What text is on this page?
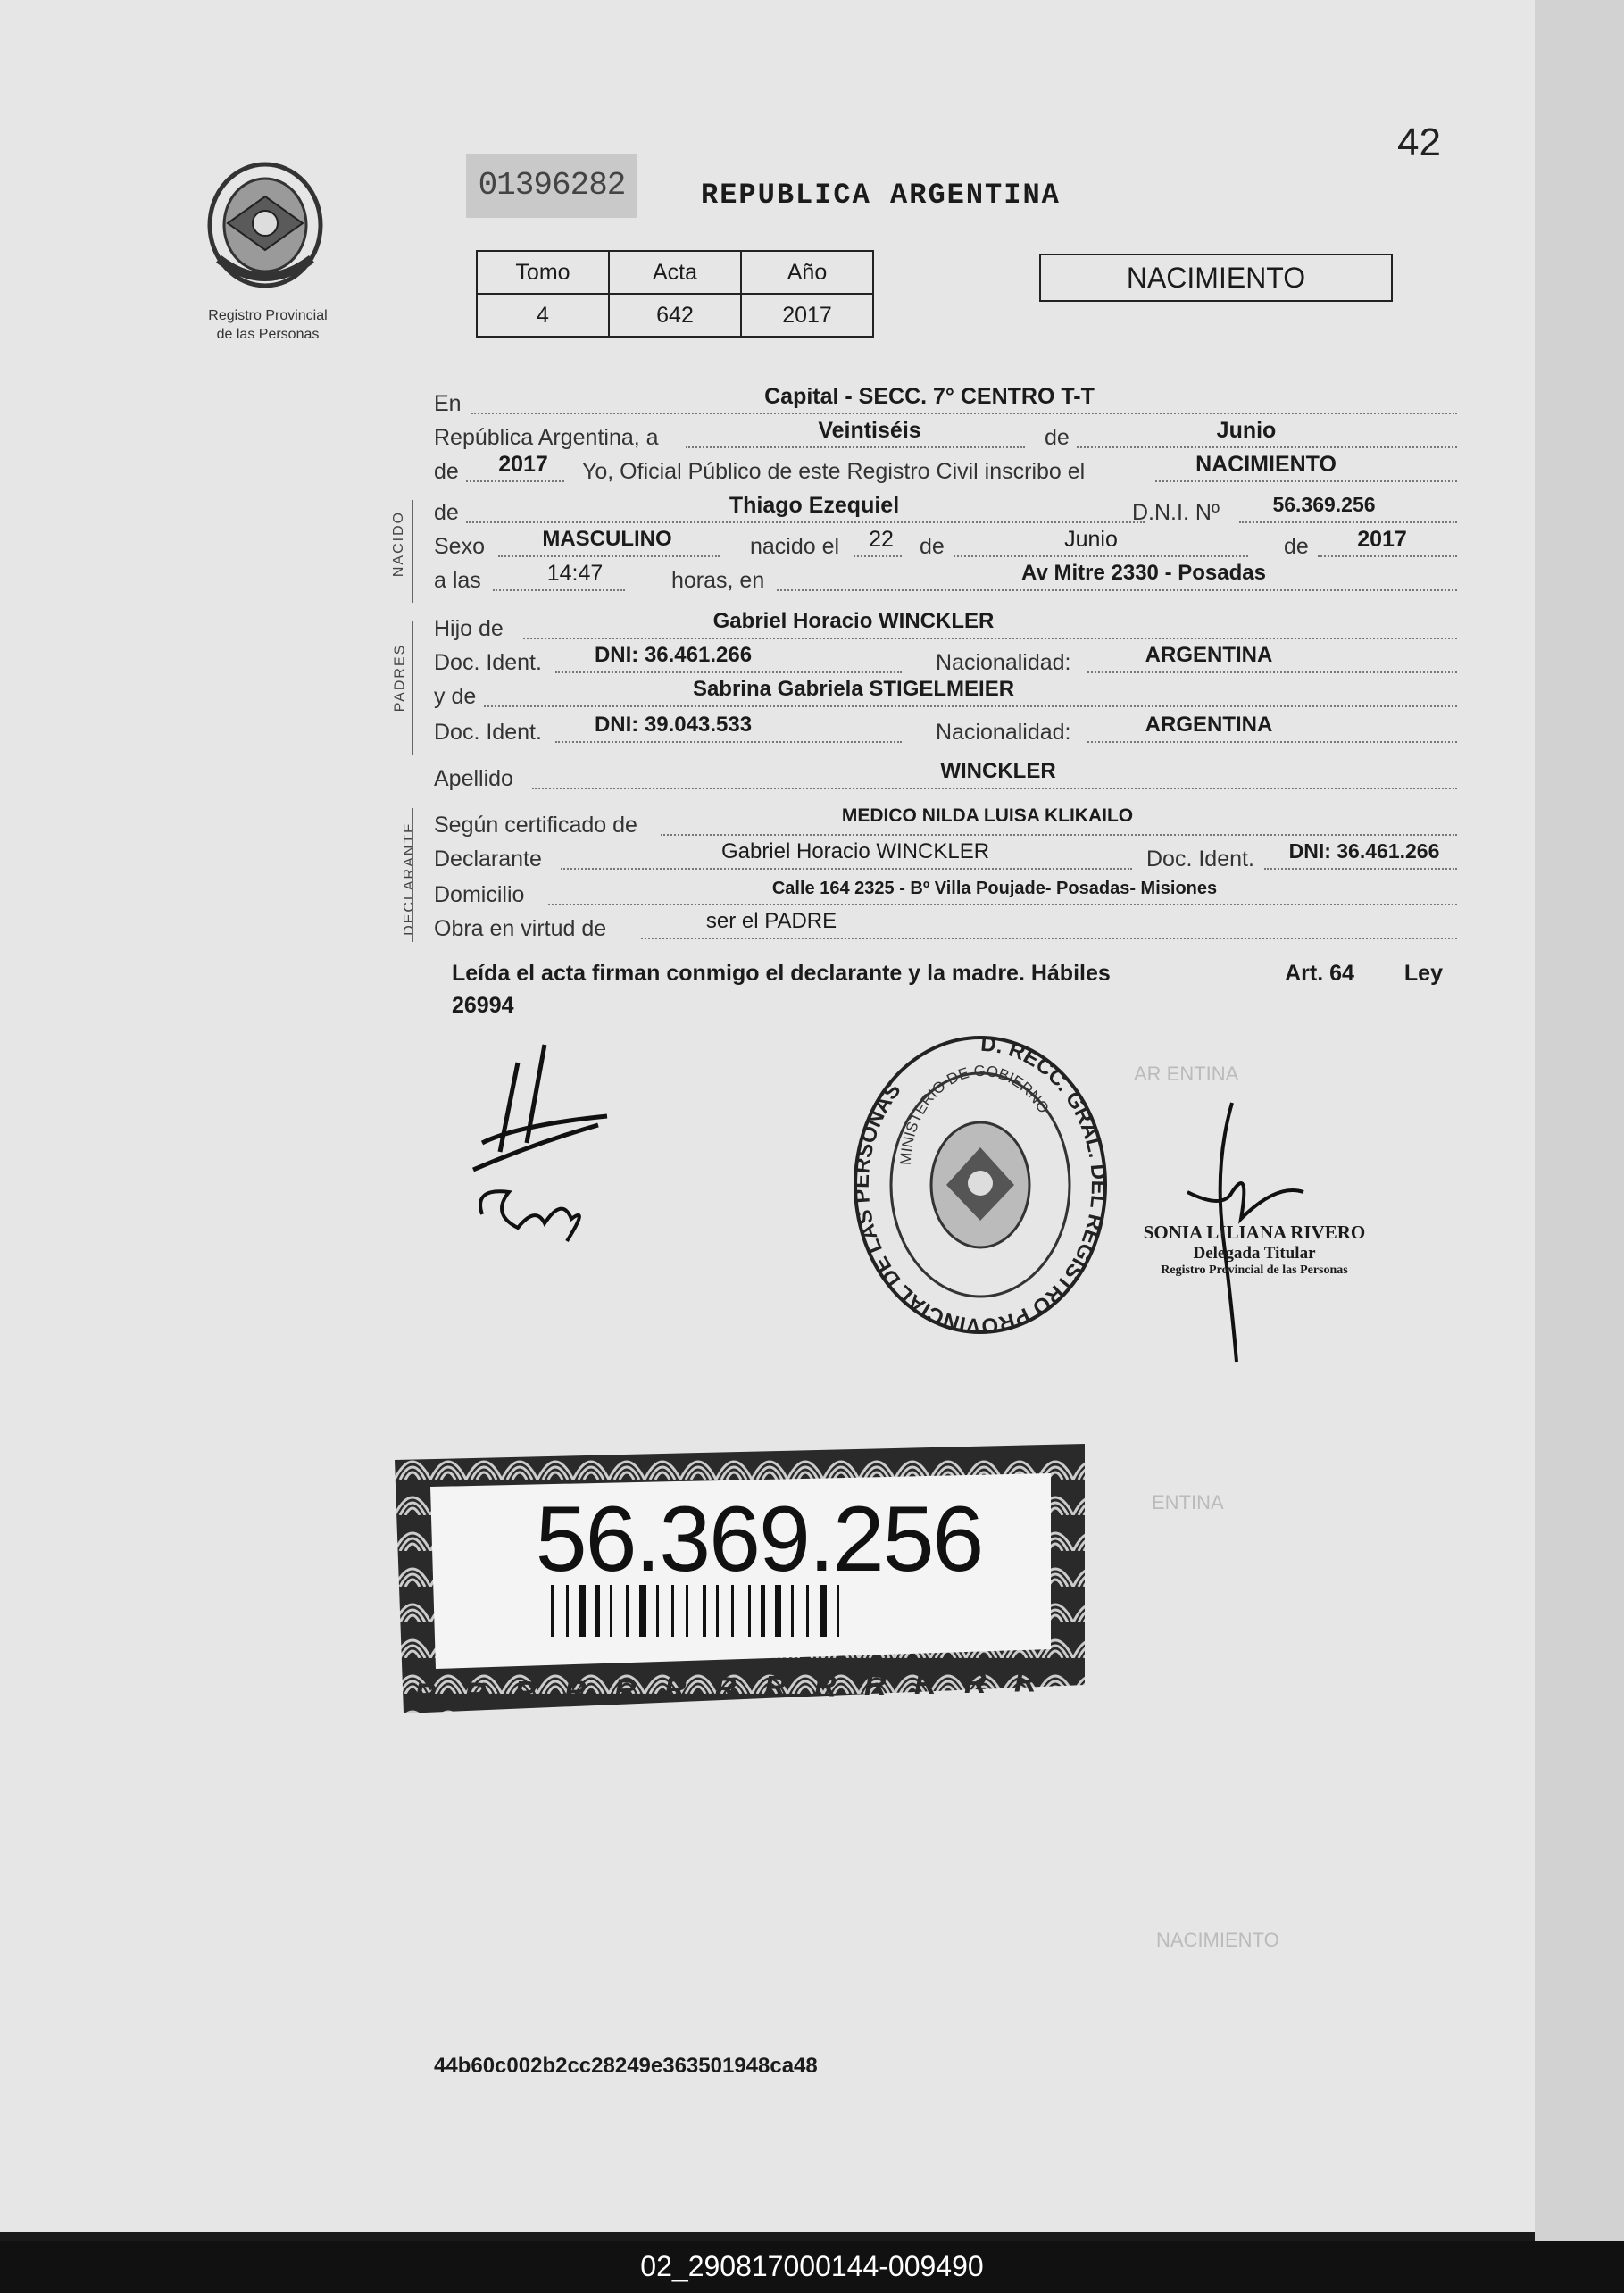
AR ENTINA
ENTINA
NACIMIENTO
42
01396282	REPUBLICA ARGENTINA
Registro Provincial
de las Personas
Tomo	Acta	Año
4	642	2017
NACIMIENTO
NACIDO
PADRES
DECLARANTE
En	Capital - SECC. 7° CENTRO T-T
República Argentina, a	Veintiséis	de	Junio
de 2017 Yo, Oficial Público de este Registro Civil inscribo el	NACIMIENTO
de	Thiago Ezequiel	D.N.I. Nº	56.369.256
Sexo	MASCULINO	nacido el 22 de	Junio	de 2017
a las	14:47	horas, en	Av Mitre 2330 - Posadas
Hijo de	Gabriel Horacio WINCKLER
Doc. Ident. DNI: 36.461.266	Nacionalidad:	ARGENTINA
y de	Sabrina Gabriela STIGELMEIER
Doc. Ident. DNI: 39.043.533	Nacionalidad:	ARGENTINA
Apellido	WINCKLER
Según certificado de	MEDICO NILDA LUISA KLIKAILO
Declarante	Gabriel Horacio WINCKLER	Doc. Ident. DNI: 36.461.266
Domicilio	Calle 164 2325 - Bº Villa Poujade- Posadas- Misiones
Obra en virtud de	ser el PADRE
Leída el acta firman conmigo el declarante y la madre. Hábiles	Art. 64 Ley
26994
D. RECC. GRAL. DEL REGISTRO PROVINCIAL DE LAS PERSONAS
MINISTERIO DE GOBIERNO
SONIA LILIANA RIVERO
Delegada Titular
Registro Provincial de las Personas
R R R R R R R R R R R R R
56.369.256
44b60c002b2cc28249e363501948ca48
02_290817000144-009490
